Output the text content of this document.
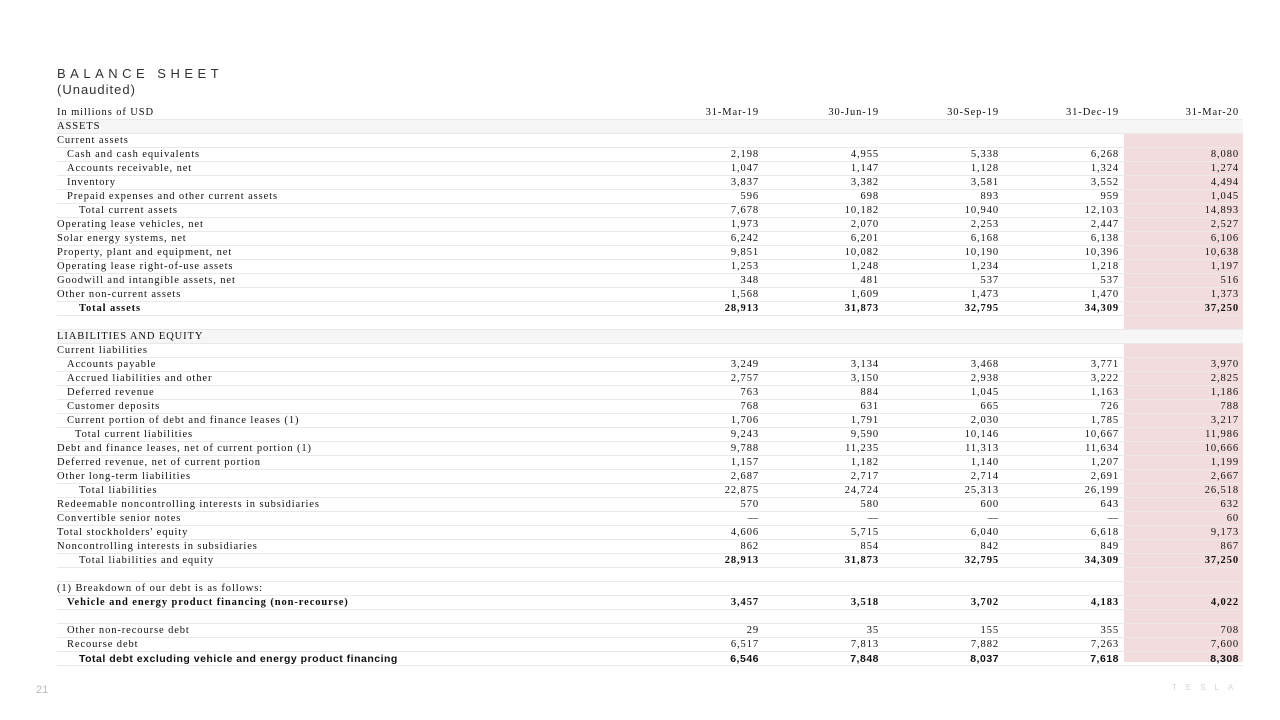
BALANCE SHEET
(Unaudited)
In millions of USD	31-Mar-19	30-Jun-19	30-Sep-19	31-Dec-19	31-Mar-20
ASSETS
Current assets
Cash and cash equivalents	2,198	4,955	5,338	6,268	8,080
Accounts receivable, net	1,047	1,147	1,128	1,324	1,274
Inventory	3,837	3,382	3,581	3,552	4,494
Prepaid expenses and other current assets	596	698	893	959	1,045
Total current assets	7,678	10,182	10,940	12,103	14,893
Operating lease vehicles, net	1,973	2,070	2,253	2,447	2,527
Solar energy systems, net	6,242	6,201	6,168	6,138	6,106
Property, plant and equipment, net	9,851	10,082	10,190	10,396	10,638
Operating lease right-of-use assets	1,253	1,248	1,234	1,218	1,197
Goodwill and intangible assets, net	348	481	537	537	516
Other non-current assets	1,568	1,609	1,473	1,470	1,373
Total assets	28,913	31,873	32,795	34,309	37,250
LIABILITIES AND EQUITY
Current liabilities
Accounts payable	3,249	3,134	3,468	3,771	3,970
Accrued liabilities and other	2,757	3,150	2,938	3,222	2,825
Deferred revenue	763	884	1,045	1,163	1,186
Customer deposits	768	631	665	726	788
Current portion of debt and finance leases (1)	1,706	1,791	2,030	1,785	3,217
Total current liabilities	9,243	9,590	10,146	10,667	11,986
Debt and finance leases, net of current portion (1)	9,788	11,235	11,313	11,634	10,666
Deferred revenue, net of current portion	1,157	1,182	1,140	1,207	1,199
Other long-term liabilities	2,687	2,717	2,714	2,691	2,667
Total liabilities	22,875	24,724	25,313	26,199	26,518
Redeemable noncontrolling interests in subsidiaries	570	580	600	643	632
Convertible senior notes	—	—	—	—	60
Total stockholders' equity	4,606	5,715	6,040	6,618	9,173
Noncontrolling interests in subsidiaries	862	854	842	849	867
Total liabilities and equity	28,913	31,873	32,795	34,309	37,250
(1) Breakdown of our debt is as follows:
Vehicle and energy product financing (non-recourse)	3,457	3,518	3,702	4,183	4,022
Other non-recourse debt	29	35	155	355	708
Recourse debt	6,517	7,813	7,882	7,263	7,600
Total debt excluding vehicle and energy product financing	6,546	7,848	8,037	7,618	8,308
21	TESLA
